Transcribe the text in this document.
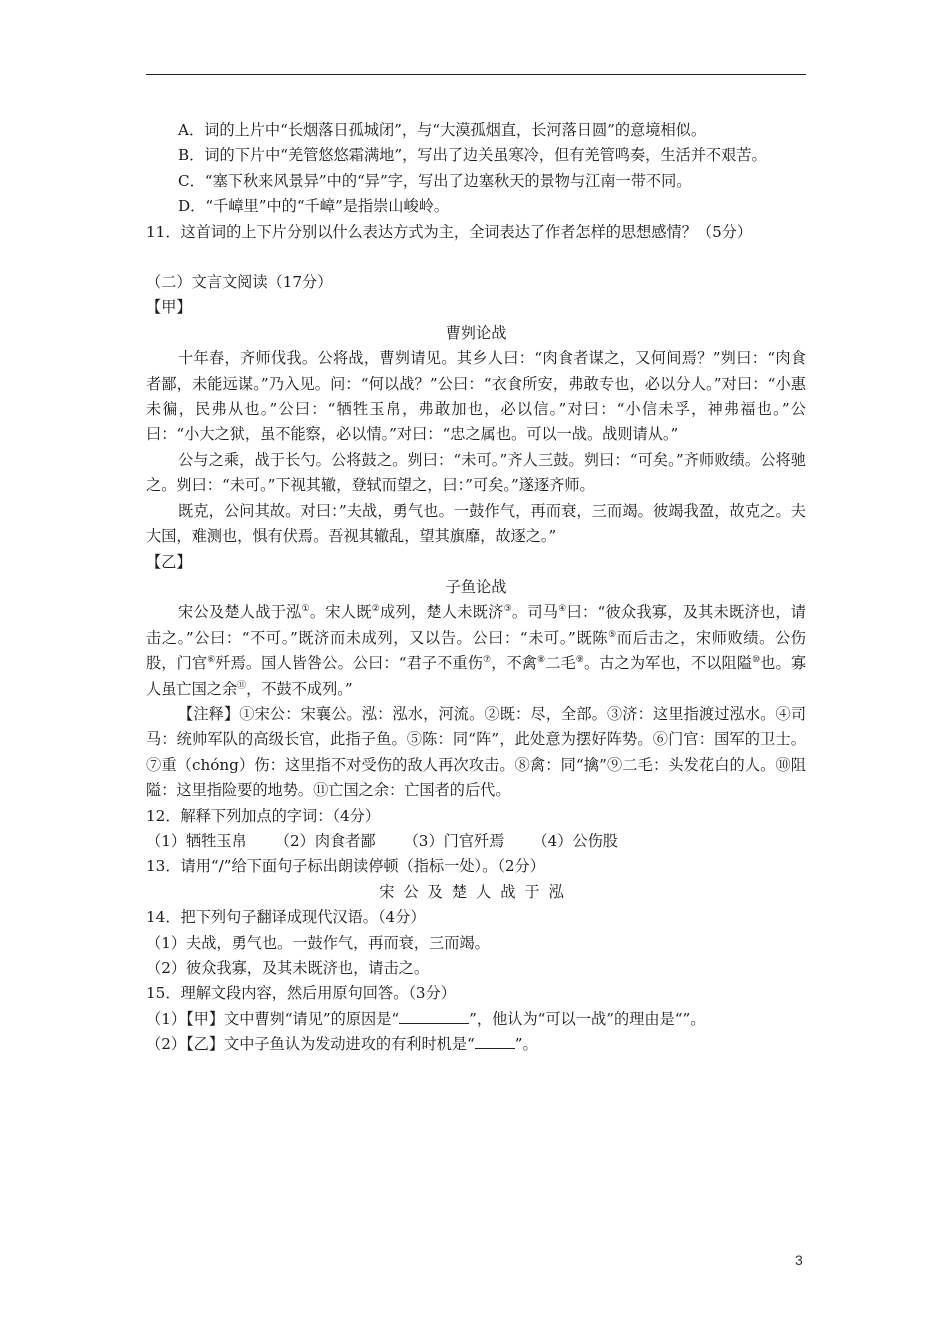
A．词的上片中“长烟落日孤城闭”，与“大漠孤烟直，长河落日圆”的意境相似。

B．词的下片中“羌管悠悠霜满地”，写出了边关虽寒冷，但有羌管鸣奏，生活并不艰苦。

C．“塞下秋来风景异”中的“异”字，写出了边塞秋天的景物与江南一带不同。

D．“千嶂里”中的“千嶂”是指崇山峻岭。

11．这首词的上下片分别以什么表达方式为主，全词表达了作者怎样的思想感情？（5分）

（二）文言文阅读（17分）

【甲】

曹刿论战

十年春，齐师伐我。公将战，曹刿请见。其乡人曰：“肉食者谋之，又何间焉？”刿曰：“肉食者鄙，未能远谋。”乃入见。问：“何以战？”公曰：“衣食所安，弗敢专也，必以分人。”对曰：“小惠未徧，民弗从也。”公曰：“牺牲玉帛，弗敢加也，必以信。”对曰：“小信未孚，神弗福也。”公曰：“小大之狱，虽不能察，必以情。”对曰：“忠之属也。可以一战。战则请从。”

公与之乘，战于长勺。公将鼓之。刿曰：“未可。”齐人三鼓。刿曰：“可矣。”齐师败绩。公将驰之。刿曰：“未可。”下视其辙，登轼而望之，曰：”可矣。”遂逐齐师。

既克，公问其故。对曰：”夫战，勇气也。一鼓作气，再而衰，三而竭。彼竭我盈，故克之。夫大国，难测也，惧有伏焉。吾视其辙乱，望其旗靡，故逐之。”

【乙】

子鱼论战

宋公及楚人战于泓①。宋人既②成列，楚人未既济③。司马④曰：“彼众我寡，及其未既济也，请击之。”公曰：“不可。”既济而未成列，又以告。公曰：“未可。”既陈⑤而后击之，宋师败绩。公伤股，门官⑥歼焉。国人皆咎公。公曰：“君子不重伤⑦，不禽⑧二毛⑨。古之为军也，不以阻隘⑩也。寡人虽亡国之余⑪，不鼓不成列。”

【注释】①宋公：宋襄公。泓：泓水，河流。②既：尽，全部。③济：这里指渡过泓水。④司马：统帅军队的高级长官，此指子鱼。⑤陈：同“阵”，此处意为摆好阵势。⑥门官：国军的卫士。⑦重（chóng）伤：这里指不对受伤的敌人再次攻击。⑧禽：同“擒”⑨二毛：头发花白的人。⑩阻隘：这里指险要的地势。⑪亡国之余：亡国者的后代。

12．解释下列加点的字词：（4分）

（1）牺牲玉帛 （2）肉食者鄙 （3）门官歼焉 （4）公伤股

13．请用“/”给下面句子标出朗读停顿（指标一处）。（2分）

宋公及楚人战于泓

14．把下列句子翻译成现代汉语。（4分）

（1）夫战，勇气也。一鼓作气，再而衰，三而竭。

（2）彼众我寡，及其未既济也，请击之。

15．理解文段内容，然后用原句回答。（3分）

（1）【甲】文中曹刿“请见”的原因是“	”，他认为“可以一战”的理由是“”。

（2）【乙】文中子鱼认为发动进攻的有利时机是“	”。

3
